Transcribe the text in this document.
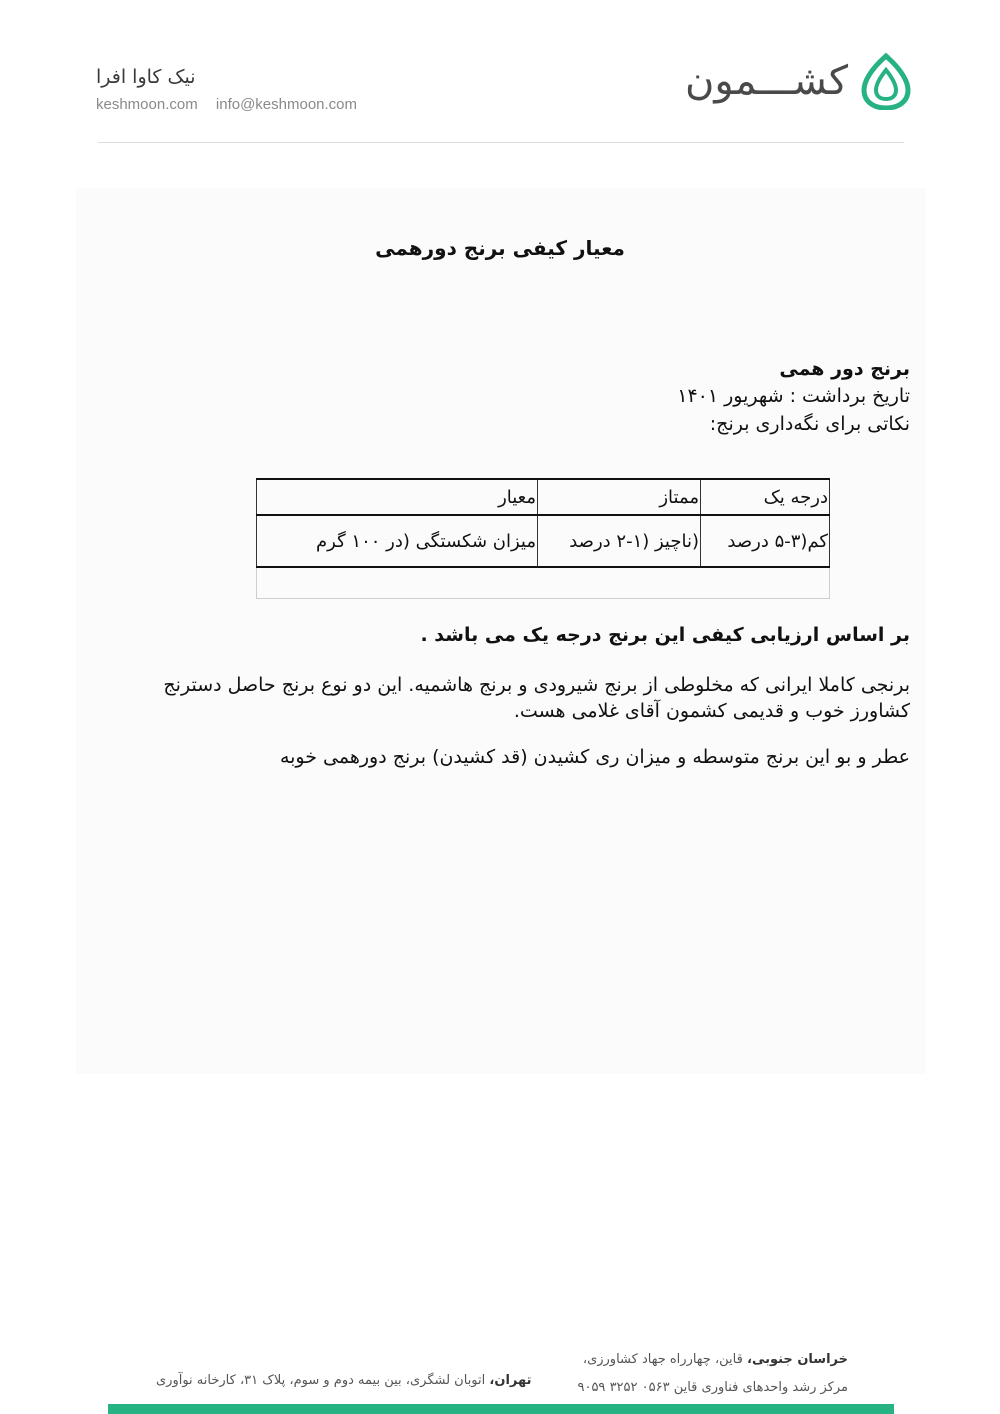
نیک کاوا افرا
keshmoon.com info@keshmoon.com
کشـــمون
معیار کیفی برنج دورهمی
برنج دور همی
تاریخ برداشت : شهریور ۱۴۰۱
نکاتی برای نگه‌داری برنج:
درجه یک	ممتاز	معیار
کم(۳-۵ درصد	(ناچیز (۱-۲ درصد	میزان شکستگی (در ۱۰۰ گرم

بر اساس ارزیابی کیفی این برنج درجه یک می باشد .
برنجی کاملا ایرانی که مخلوطی از برنج شیرودی و برنج هاشمیه. این دو نوع برنج حاصل دسترنج کشاورز خوب و قدیمی کشمون آقای غلامی هست.
عطر و بو این برنج متوسطه و میزان ری کشیدن (قد کشیدن) برنج دورهمی خوبه
خراسان جنوبی، قاین، چهارراه جهاد کشاورزی،
مرکز رشد واحدهای فناوری قاین ۰۵۶۳ ۳۲۵۲ ۹۰۵۹
تهران، اتوبان لشگری، بین بیمه دوم و سوم، پلاک ۳۱، کارخانه نوآوری
